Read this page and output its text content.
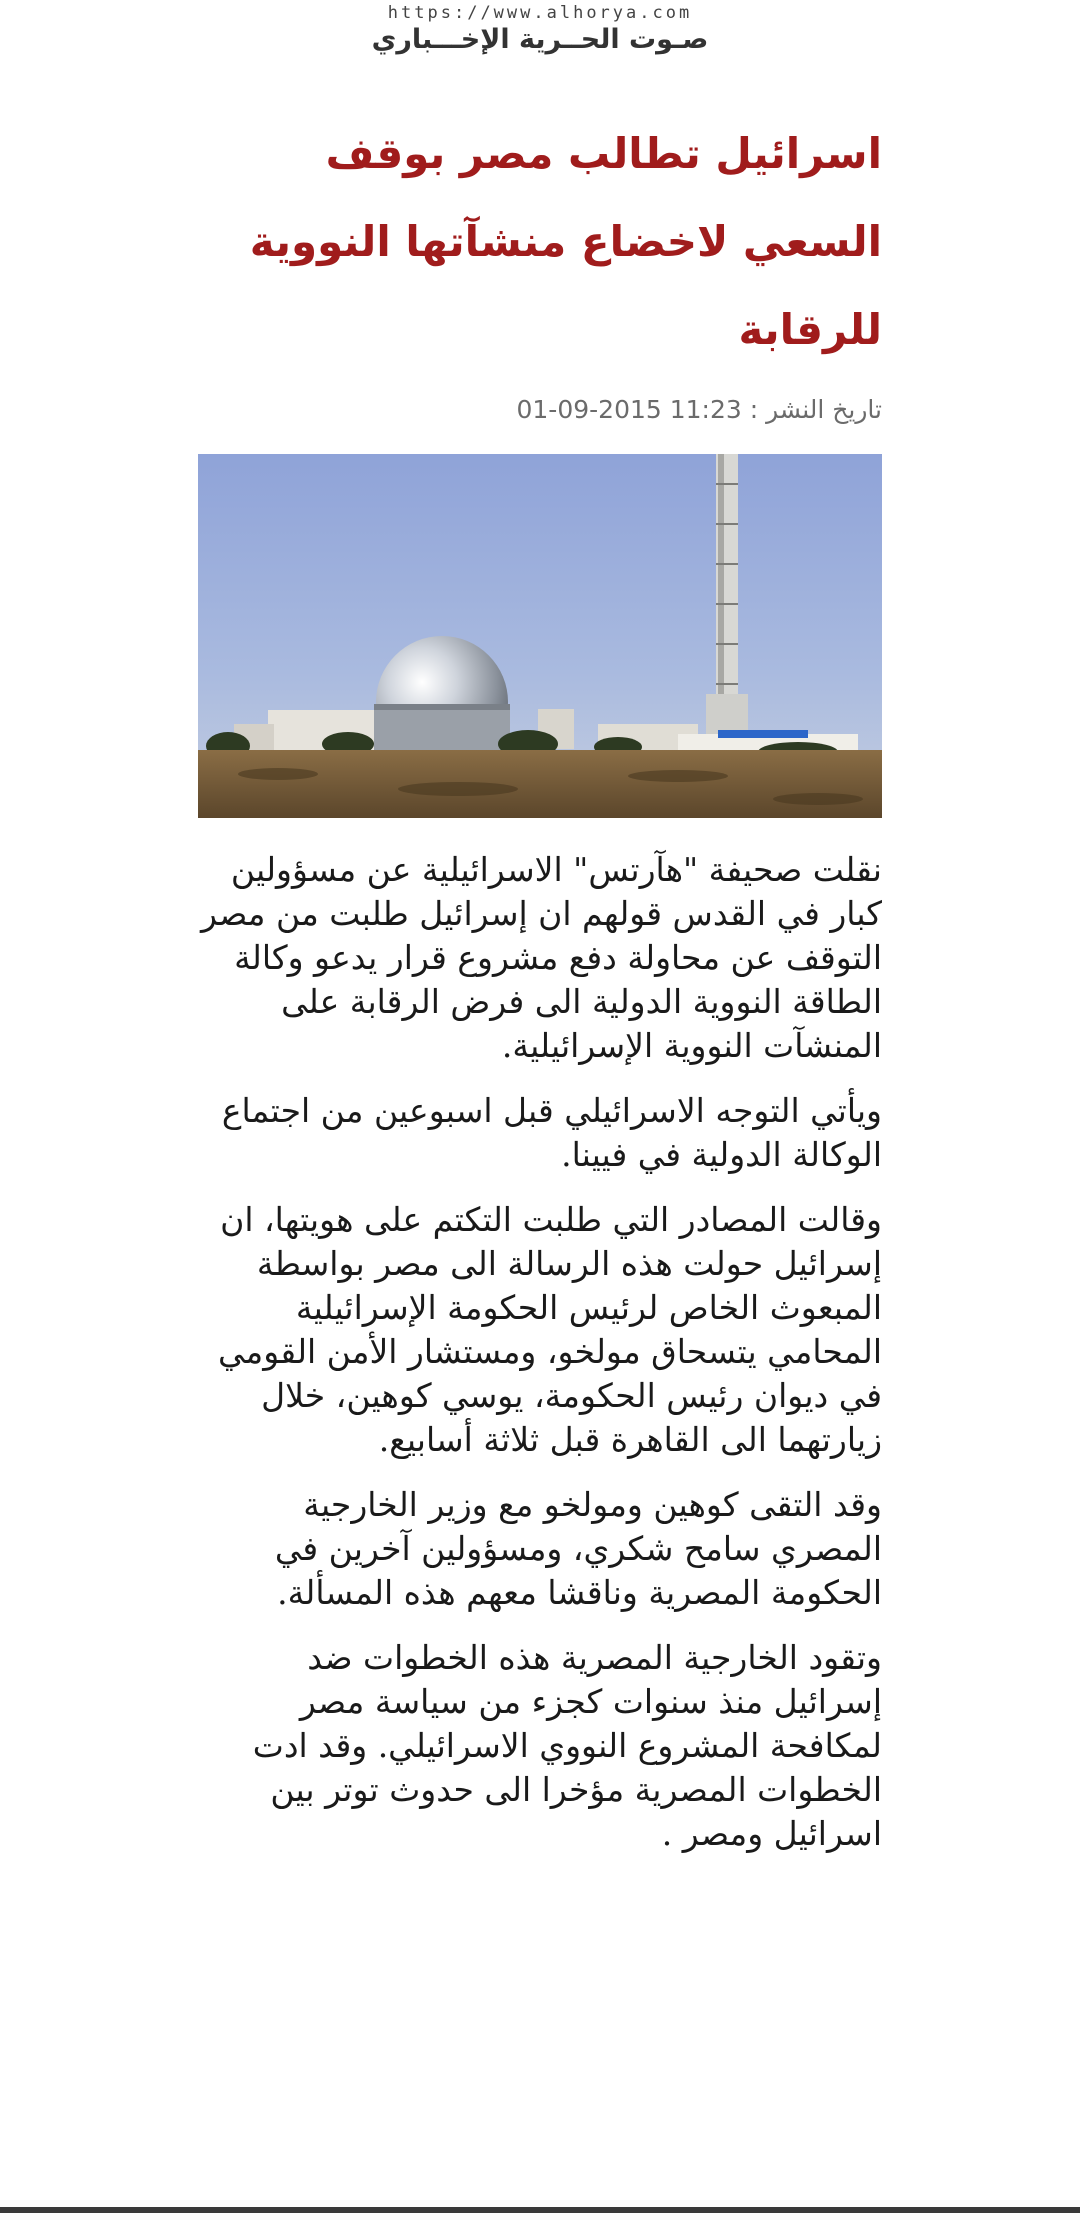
https://www.alhorya.com
صـوت الحــرية الإخـــباري
اسرائيل تطالب مصر بوقف السعي لاخضاع منشآتها النووية للرقابة
تاريخ النشر : 01-09-2015 11:23

نقلت صحيفة "هآرتس" الاسرائيلية عن مسؤولين كبار في القدس قولهم ان إسرائيل طلبت من مصر التوقف عن محاولة دفع مشروع قرار يدعو وكالة الطاقة النووية الدولية الى فرض الرقابة على المنشآت النووية الإسرائيلية.

ويأتي التوجه الاسرائيلي قبل اسبوعين من اجتماع الوكالة الدولية في فيينا.

وقالت المصادر التي طلبت التكتم على هويتها، ان إسرائيل حولت هذه الرسالة الى مصر بواسطة المبعوث الخاص لرئيس الحكومة الإسرائيلية المحامي يتسحاق مولخو، ومستشار الأمن القومي في ديوان رئيس الحكومة، يوسي كوهين، خلال زيارتهما الى القاهرة قبل ثلاثة أسابيع.

وقد التقى كوهين ومولخو مع وزير الخارجية المصري سامح شكري، ومسؤولين آخرين في الحكومة المصرية وناقشا معهم هذه المسألة.

وتقود الخارجية المصرية هذه الخطوات ضد إسرائيل منذ سنوات كجزء من سياسة مصر لمكافحة المشروع النووي الاسرائيلي. وقد ادت الخطوات المصرية مؤخرا الى حدوث توتر بين اسرائيل ومصر .
